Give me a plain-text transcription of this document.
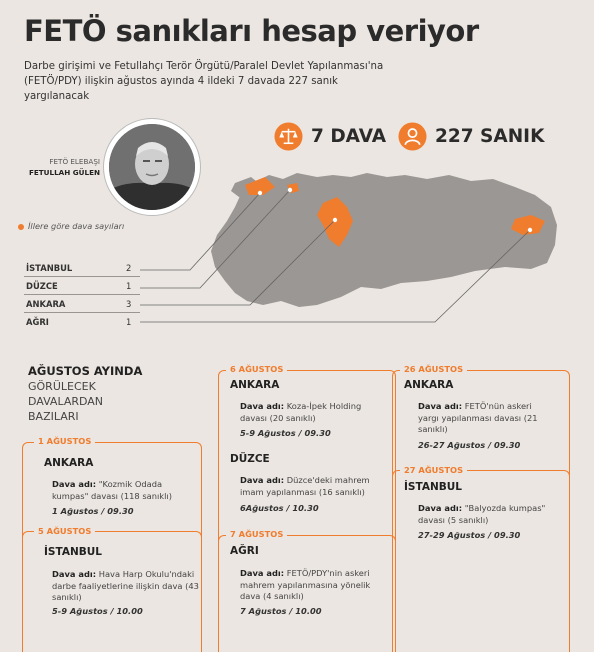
FETÖ sanıkları hesap veriyor
Darbe girişimi ve Fetullahçı Terör Örgütü/Paralel Devlet Yapılanması'na (FETÖ/PDY) ilişkin ağustos ayında 4 ildeki 7 davada 227 sanık yargılanacak
7 DAVA	227 SANIK
FETÖ ELEBAŞI
FETULLAH GÜLEN
İllere göre dava sayıları
İSTANBUL	2
DÜZCE	1
ANKARA	3
AĞRI	1
AĞUSTOS AYINDA
GÖRÜLECEK DAVALARDAN BAZILARI
1 AĞUSTOS
ANKARA
Dava adı: "Kozmik Odada kumpas" davası (118 sanıklı)
1 Ağustos / 09.30
5 AĞUSTOS
İSTANBUL
Dava adı: Hava Harp Okulu'ndaki darbe faaliyetlerine ilişkin dava (43 sanıklı)
5-9 Ağustos / 10.00
6 AĞUSTOS
ANKARA
Dava adı: Koza-İpek Holding davası (20 sanıklı)
5-9 Ağustos / 09.30
DÜZCE
Dava adı: Düzce'deki mahrem imam yapılanması (16 sanıklı)
6Ağustos / 10.30
7 AĞUSTOS
AĞRI
Dava adı: FETÖ/PDY'nin askeri mahrem yapılanmasına yönelik dava (4 sanıklı)
7 Ağustos / 10.00
26 AĞUSTOS
ANKARA
Dava adı: FETÖ'nün askeri yargı yapılanması davası (21 sanıklı)
26-27 Ağustos / 09.30
27 AĞUSTOS
İSTANBUL
Dava adı: "Balyozda kumpas" davası (5 sanıklı)
27-29 Ağustos / 09.30
